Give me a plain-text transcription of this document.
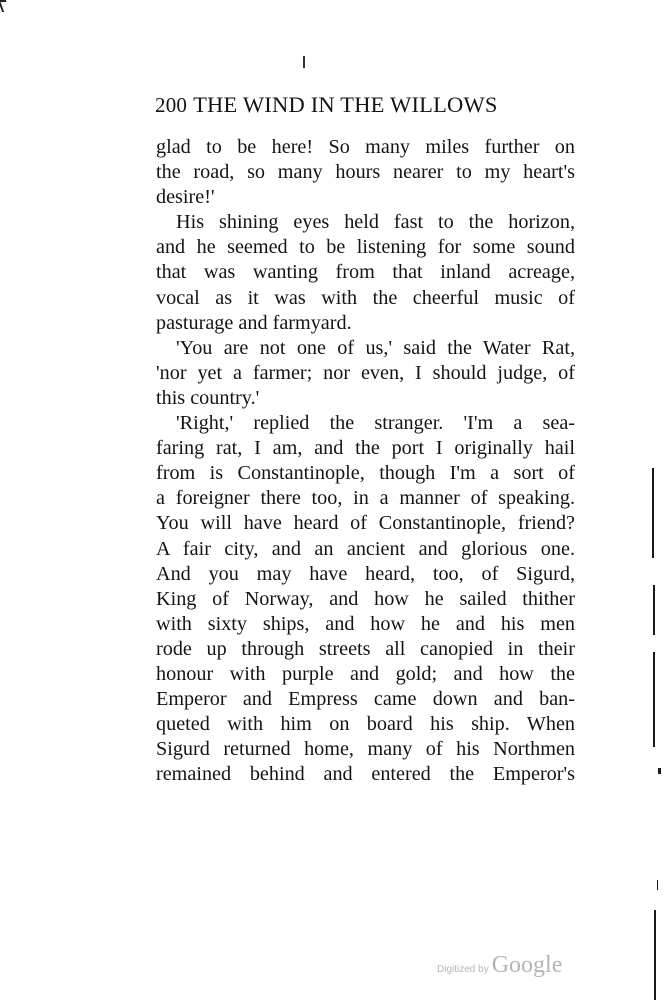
200 THE WIND IN THE WILLOWS
glad to be here! So many miles further on
the road, so many hours nearer to my heart's
desire!'
His shining eyes held fast to the horizon,
and he seemed to be listening for some sound
that was wanting from that inland acreage,
vocal as it was with the cheerful music of
pasturage and farmyard.
'You are not one of us,' said the Water Rat,
'nor yet a farmer; nor even, I should judge, of
this country.'
'Right,' replied the stranger. 'I'm a sea-
faring rat, I am, and the port I originally hail
from is Constantinople, though I'm a sort of
a foreigner there too, in a manner of speaking.
You will have heard of Constantinople, friend?
A fair city, and an ancient and glorious one.
And you may have heard, too, of Sigurd,
King of Norway, and how he sailed thither
with sixty ships, and how he and his men
rode up through streets all canopied in their
honour with purple and gold; and how the
Emperor and Empress came down and ban-
queted with him on board his ship. When
Sigurd returned home, many of his Northmen
remained behind and entered the Emperor's
Digitized by Google
